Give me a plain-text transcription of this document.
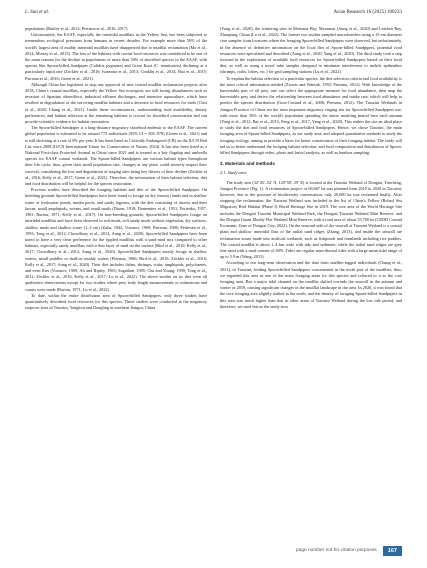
L. Sun et al.	Avian Research 16 (2025) 100233

populations (Battley et al., 2012; Piersma et al., 2016, 2017).

Unfortunately, the EAAF, especially the intertidal mudflats in the Yellow Sea, has been subjected to tremendous ecological pressures from humans in recent decades. For example more than 50% of the world's largest area of muddy intertidal mudflats have disappeared due to mudflat reclamation (Ma et al., 2014; Murray et al., 2015). The loss of the habitats with crucial food resources was considered to be one of the main reasons for the decline in populations of more than 50% of shorebird species in the EAAF, with species like Spoon-billed Sandpiper (Calidris pygmaea) and Great Knot (C. tenuirostris) declining at a particularly rapid rate (Zöckler et al., 2016; Iwamura et al., 2013; Conklin et al., 2014; Hua et al., 2015; Piersma et al., 2016; Green et al., 2021).

Although China has legislated to stop any approval of new coastal mudflat reclamation projects after 2018, China's coastal mudflats, especially the Yellow Sea ecoregion, are still facing disturbances such as invasion of Spartina alterniflora, industrial effluent discharges, and intensive aquaculture, which have resulted in degradation of the surviving mudflat habitats and a decrease in food resources for birds (Choi et al., 2020; Chang et al., 2021). Under these circumstances, understanding food availability, dietary preferences, and habitat selection at the remaining habitats is crucial for shorebird conservation and can provide scientific evidence for habitat restoration.

The Spoon-billed Sandpiper is a long-distance migratory shorebird endemic to the EAAF. The current global population is estimated to be around 773 individuals (95% CI = 569–978) (Green et al., 2021) and is still declining at a rate of 8% per year. It has been listed as Critically Endangered (CR) on the IUCN Red List since 2008 (IUCN International Union for Conservation of Nature, 2024). It has also been listed as a National First-class Protected Animal in China since 2021 and is treated as a key flagship and umbrella species for EAAF coastal wetlands. The Spoon-billed Sandpipers use various habitat types throughout their life cycle; thus, given their small population size, changes at any place could severely impact their survival, considering the loss and degradation of staging sites being key drivers of their decline (Zöckler et al., 2016; Kelly et al., 2017; Green et al., 2021). Therefore, the information of their habitat selection, diet and food distribution will be helpful for the species restoration.

Previous studies have described the foraging habitats and diet of the Spoon-billed Sandpiper. On breeding grounds Spoon-billed Sandpipers have been found to forage on dry (mossy) lands and in shallow water of freshwater ponds, tundra pools, and sandy lagoons, with the diet consisting of insects and their larvae, small amphipods, worms, and small snails (Dixon, 1918; Dementiev et al., 1951; Portenko, 1957, 1981; Burton, 1971; Kelly et al., 2017). On non-breeding grounds, Spoon-billed Sandpipers forage on intertidal mudflats and have been observed in soft muds, soft sandy muds without vegetation, dry surfaces, shallow muds and shallow water (1–3 cm) (Zuba, 1942; Voronov, 1969; Piersma, 1986; Pedersen et al., 1993; Tong et al., 2012; Chowdhury et al., 2012; Aung et al., 2020). Spoon-billed Sandpipers have been noted to have a very clear preference for the rippled mudflats with a sand-mud mix compared to other habitats, especially sandy mudflats with a thin layer of mud on the surface (Bird et al., 2010; Kelly et al., 2017; Chowdhury et al., 2012; Aung et al., 2020). Spoon-billed Sandpipers mostly forage in shallow waters, small puddles or shallow muddy waters (Piersma, 1986; Bird et al., 2010; Zöckler et al., 2016; Kelly et al., 2017; Aung et al., 2020). Their diet includes fishes, shrimps, crabs, amphipods, polychaetes, and even flies (Voronov, 1969; Ali and Ripley, 1983; Sugathan, 1985; Cha and Young, 1990; Tong et al., 2012; Zöckler et al., 2016; Kelly et al., 2017; Lu et al., 2022). The above studies on its diet were all qualitative observations except for two studies where prey body length measurements or estimations and counts were made (Burton, 1971; Lu et al., 2022).

To date, within the entire distribution area of Spoon-billed Sandpipers, only three studies have quantitatively described food resources for this species. These studies were conducted at the migratory stopover sites in Tiaozini, Yangkou and Dongling in southern Jiangsu, China

(Yang et al., 2020), the wintering sites in Mottama Bay, Myanmar (Aung et al., 2020) and Leizhou Bay, Zhanjiang, China (Lu et al., 2022). The former two studies sampled macrobenthos using a 15-cm diameter core sampler from locations where the foraging Spoon-billed Sandpipers were observed, but unfortunately, in the absence of definitive information on the local diet of Spoon-billed Sandpipers, potential food resources were speculated and described (Aung et al., 2020; Yang et al., 2020). The third study took a step forward in the exploration of available food resources for Spoon-billed Sandpipers based on their local diet, as well as using a novel tube sampler designed to minimize interference to mobile epibenthos (shrimps, crabs, fishes, etc.) for grid sampling stations (Lu et al., 2022).

To explain the habitat selection of a particular species, the diet selection criteria and food availability is the most critical information needed (Zwarts and Wanink, 1993; Piersma, 2012). With knowledge of the harvestable part of all prey, one can select the appropriate measure for food abundance, then map the harvestable prey and derive the relationship between food abundance and intake rate, which will help to predict the species distribution (Goss-Custard et al., 2006; Piersma, 2012). The Tiaozini Wetlands in Jiangsu Province of China are the most important migratory staging site for Spoon-billed Sandpipers use, with more than 50% of the world's population spending the entire moulting period here each autumn (Yang et al., 2012; Bai et al., 2015; Peng et al., 2017; Yang et al., 2020). This makes the site an ideal place to study the diet and food resources of Spoon-billed Sandpipers. Hence, we chose Tiaozini, the main foraging area of Spoon-billed Sandpipers, as our study area, and adopted quantitative methods to study the foraging ecology, aiming to provide a basis for better conservation of their foraging habitat. The study will aid us to better understand the foraging habitat selection, and food composition and distribution of Spoon-billed Sandpipers through video, photo and faecal analysis, as well as benthos sampling.

2. Materials and methods
2.1. Study area

The study area (32°45′–52′ N, 120°58′–59′ E) is located at the Tiaozini Wetland of Dongtai, Yancheng, Jiangsu Province (Fig. 1). A reclamation project of 66,667 ha was planned from 2010 to 2020 in Tiaozini; however, due to the pressure of biodiversity conservation, only 20,000 ha was reclaimed finally. After stopping the reclamation, the Tiaozini Wetland was included in the list of China's Yellow (Bohai) Sea Migratory Bird Habitat (Phase I) World Heritage Site in 2019. The core area of the World Heritage Site includes the Dongtai Tiaozini Municipal Wetland Park, the Dongtai Tiaozini Wetland Mini Reserve, and the Dongtai Gaoni Muddy Flat Wetland Mini Reserve, with a total area of about 55,700 ha (CEDD Coastal Economic Zone of Dongtai City, 2022). On the seaward side of the seawall at Tiaozini Wetland is a coastal plain and shallow intertidal flats of the radial sand ridges (Zhang, 2013), and inside the seawall are reclamation zones made into artificial wetlands, such as fishponds and farmlands including rice paddies. The coastal mudflat is about 1–4 km wide with tidy and sediment, while the radial sand ridges are grey fine sand with a mud content of 60%. Tides are regular semi-diurnal tides with a large mean tidal range of up to 3.9 m (Wang, 2011).

According to our long-term observation and the data from satellite-tagged individuals (Chang et al., 2021), in Tiaozini, feeding Spoon-billed Sandpipers concentrated in the north part of the mudflats; thus, we regarded this area as one of the main foraging areas for this species and referred to it as the core foraging area. But a major tidal channel on the mudflat shifted towards the seawall in the autumn and winter of 2019, causing significant changes in the mudflat landscape in the area. In 2020, it was found that the core foraging area slightly shifted to the north, and the density of foraging Spoon-billed Sandpipers in this area was much higher than that in other areas of Tiaozini Wetland during the low tide period, and therefore, we used this as the study area

page number not for citation purposes	167
